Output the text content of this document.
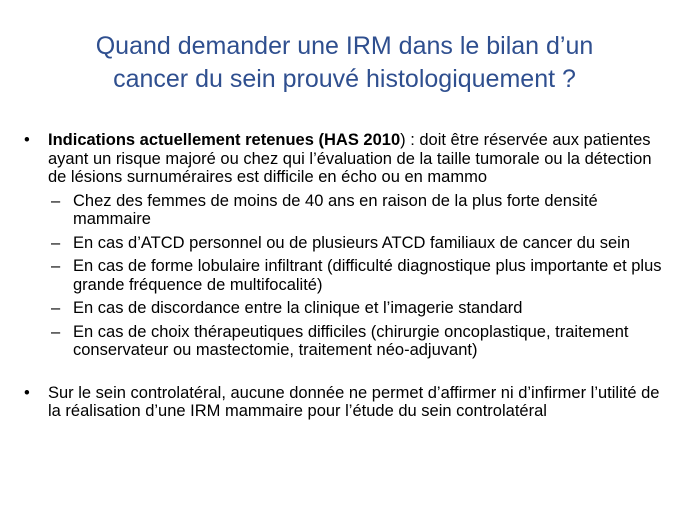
Quand demander une IRM dans le bilan d’un
cancer du sein prouvé histologiquement ?
• Indications actuellement retenues (HAS 2010) : doit être réservée aux patientes ayant un risque majoré ou chez qui l’évaluation de la taille tumorale ou la détection de lésions surnuméraires est difficile en écho ou en mammo
– Chez des femmes de moins de 40 ans en raison de la plus forte densité mammaire
– En cas d’ATCD personnel ou de plusieurs ATCD familiaux de cancer du sein
– En cas de forme lobulaire infiltrant (difficulté diagnostique plus importante et plus grande fréquence de multifocalité)
– En cas de discordance entre la clinique et l’imagerie standard
– En cas de choix thérapeutiques difficiles (chirurgie oncoplastique, traitement conservateur ou mastectomie, traitement néo-adjuvant)
• Sur le sein controlatéral, aucune donnée ne permet d’affirmer ni d’infirmer l’utilité de la réalisation d’une IRM mammaire pour l’étude du sein controlatéral
